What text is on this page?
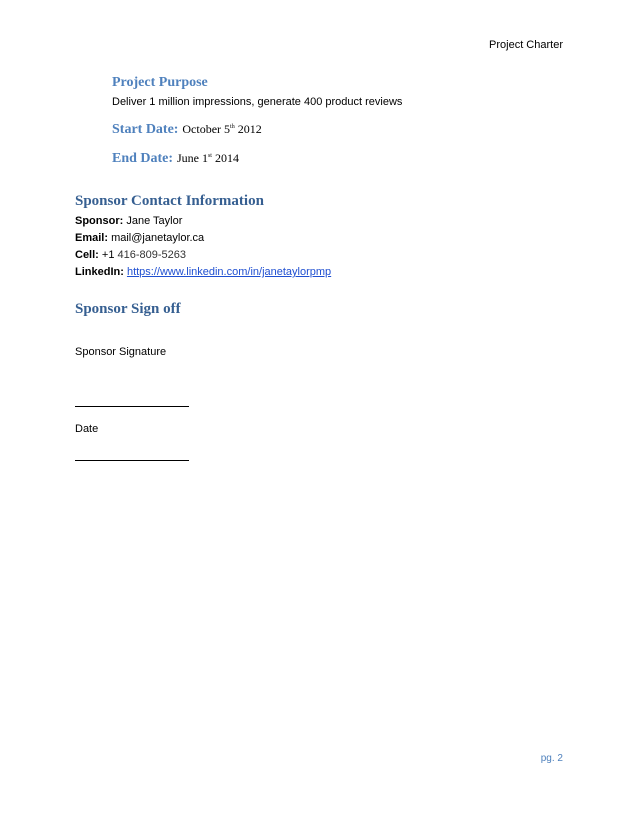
Project Charter
Project Purpose
Deliver 1 million impressions, generate 400 product reviews
Start Date: October 5th 2012
End Date: June 1st 2014
Sponsor Contact Information
Sponsor: Jane Taylor
Email: mail@janetaylor.ca
Cell: +1 416-809-5263
LinkedIn: https://www.linkedin.com/in/janetaylorpmp
Sponsor Sign off
Sponsor Signature
Date
pg. 2
